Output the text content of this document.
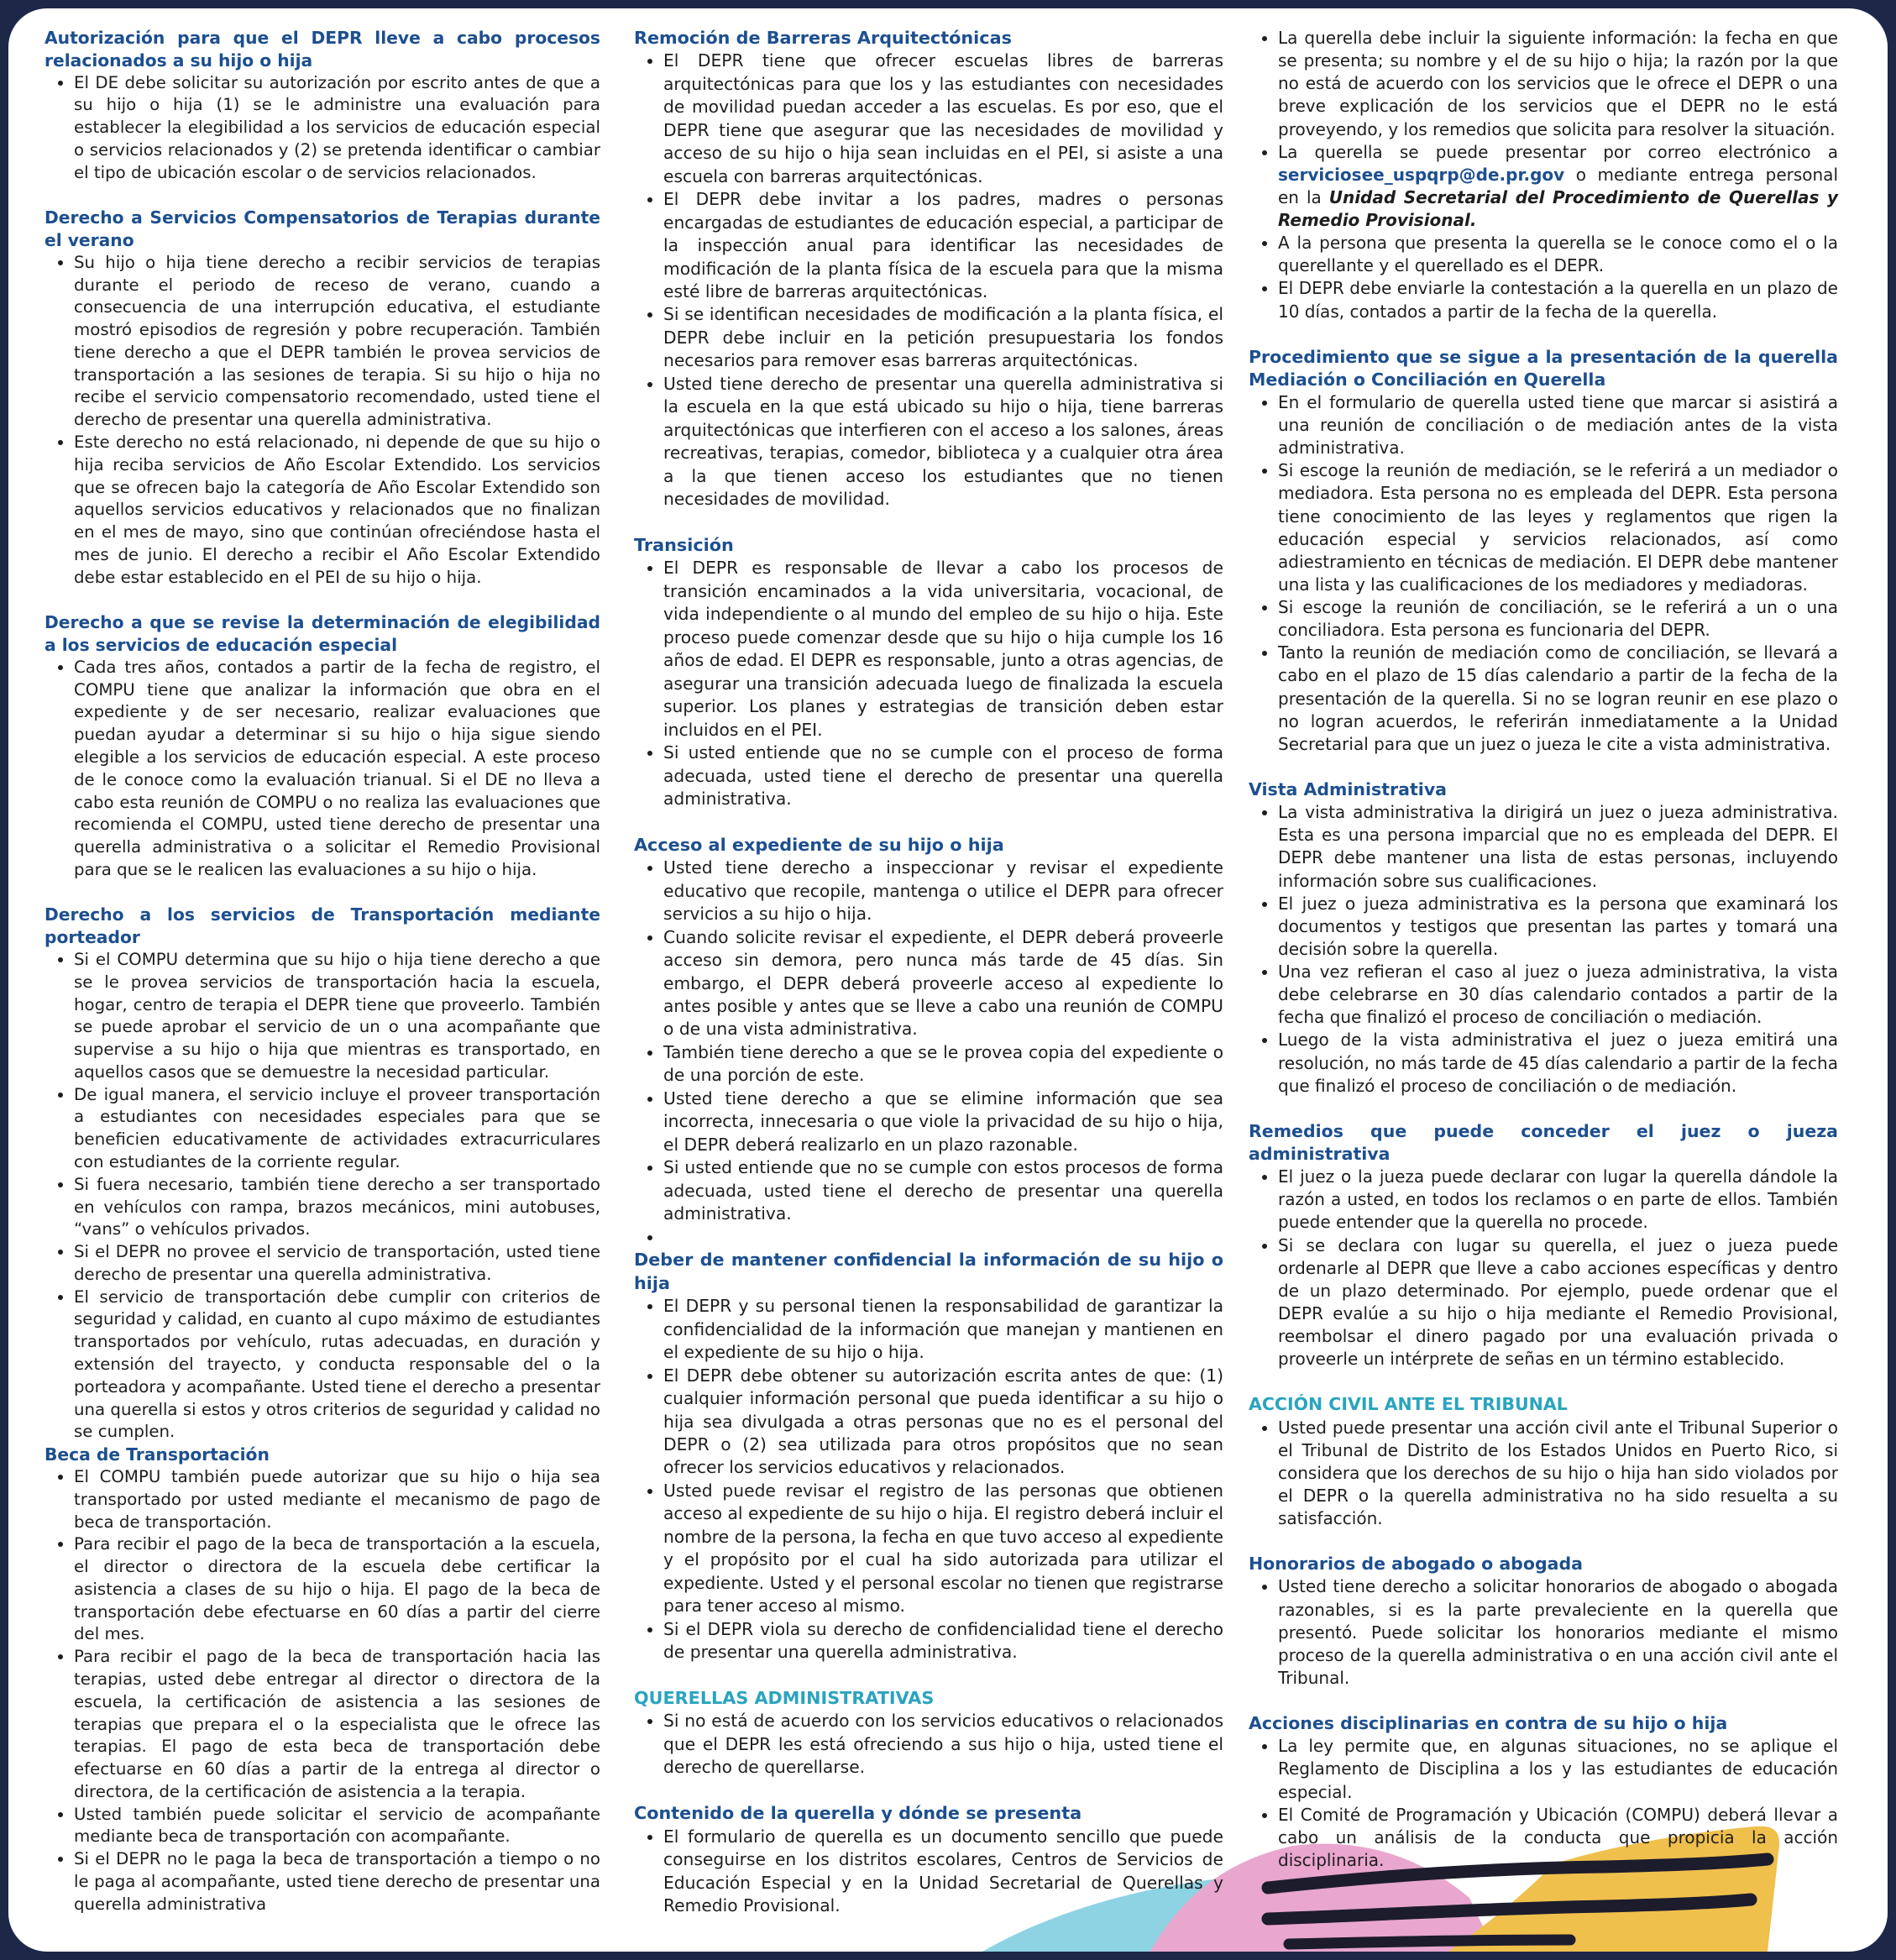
Autorización para que el DEPR lleve a cabo procesos relacionados a su hijo o hija
• El DE debe solicitar su autorización por escrito antes de que a su hijo o hija (1) se le administre una evaluación para establecer la elegibilidad a los servicios de educación especial o servicios relacionados y (2) se pretenda identificar o cambiar el tipo de ubicación escolar o de servicios relacionados.
Derecho a Servicios Compensatorios de Terapias durante el verano
• Su hijo o hija tiene derecho a recibir servicios de terapias durante el periodo de receso de verano, cuando a consecuencia de una interrupción educativa, el estudiante mostró episodios de regresión y pobre recuperación. También tiene derecho a que el DEPR también le provea servicios de transportación a las sesiones de terapia. Si su hijo o hija no recibe el servicio compensatorio recomendado, usted tiene el derecho de presentar una querella administrativa.
• Este derecho no está relacionado, ni depende de que su hijo o hija reciba servicios de Año Escolar Extendido. Los servicios que se ofrecen bajo la categoría de Año Escolar Extendido son aquellos servicios educativos y relacionados que no finalizan en el mes de mayo, sino que continúan ofreciéndose hasta el mes de junio. El derecho a recibir el Año Escolar Extendido debe estar establecido en el PEI de su hijo o hija.
Derecho a que se revise la determinación de elegibilidad a los servicios de educación especial
• Cada tres años, contados a partir de la fecha de registro, el COMPU tiene que analizar la información que obra en el expediente y de ser necesario, realizar evaluaciones que puedan ayudar a determinar si su hijo o hija sigue siendo elegible a los servicios de educación especial. A este proceso de le conoce como la evaluación trianual. Si el DE no lleva a cabo esta reunión de COMPU o no realiza las evaluaciones que recomienda el COMPU, usted tiene derecho de presentar una querella administrativa o a solicitar el Remedio Provisional para que se le realicen las evaluaciones a su hijo o hija.
Derecho a los servicios de Transportación mediante porteador
• Si el COMPU determina que su hijo o hija tiene derecho a que se le provea servicios de transportación hacia la escuela, hogar, centro de terapia el DEPR tiene que proveerlo. También se puede aprobar el servicio de un o una acompañante que supervise a su hijo o hija que mientras es transportado, en aquellos casos que se demuestre la necesidad particular.
• De igual manera, el servicio incluye el proveer transportación a estudiantes con necesidades especiales para que se beneficien educativamente de actividades extracurriculares con estudiantes de la corriente regular.
• Si fuera necesario, también tiene derecho a ser transportado en vehículos con rampa, brazos mecánicos, mini autobuses, “vans” o vehículos privados.
• Si el DEPR no provee el servicio de transportación, usted tiene derecho de presentar una querella administrativa.
• El servicio de transportación debe cumplir con criterios de seguridad y calidad, en cuanto al cupo máximo de estudiantes transportados por vehículo, rutas adecuadas, en duración y extensión del trayecto, y conducta responsable del o la porteadora y acompañante. Usted tiene el derecho a presentar una querella si estos y otros criterios de seguridad y calidad no se cumplen.
Beca de Transportación
• El COMPU también puede autorizar que su hijo o hija sea transportado por usted mediante el mecanismo de pago de beca de transportación.
• Para recibir el pago de la beca de transportación a la escuela, el director o directora de la escuela debe certificar la asistencia a clases de su hijo o hija. El pago de la beca de transportación debe efectuarse en 60 días a partir del cierre del mes.
• Para recibir el pago de la beca de transportación hacia las terapias, usted debe entregar al director o directora de la escuela, la certificación de asistencia a las sesiones de terapias que prepara el o la especialista que le ofrece las terapias. El pago de esta beca de transportación debe efectuarse en 60 días a partir de la entrega al director o directora, de la certificación de asistencia a la terapia.
• Usted también puede solicitar el servicio de acompañante mediante beca de transportación con acompañante.
• Si el DEPR no le paga la beca de transportación a tiempo o no le paga al acompañante, usted tiene derecho de presentar una querella administrativa
Remoción de Barreras Arquitectónicas
• El DEPR tiene que ofrecer escuelas libres de barreras arquitectónicas para que los y las estudiantes con necesidades de movilidad puedan acceder a las escuelas. Es por eso, que el DEPR tiene que asegurar que las necesidades de movilidad y acceso de su hijo o hija sean incluidas en el PEI, si asiste a una escuela con barreras arquitectónicas.
• El DEPR debe invitar a los padres, madres o personas encargadas de estudiantes de educación especial, a participar de la inspección anual para identificar las necesidades de modificación de la planta física de la escuela para que la misma esté libre de barreras arquitectónicas.
• Si se identifican necesidades de modificación a la planta física, el DEPR debe incluir en la petición presupuestaria los fondos necesarios para remover esas barreras arquitectónicas.
• Usted tiene derecho de presentar una querella administrativa si la escuela en la que está ubicado su hijo o hija, tiene barreras arquitectónicas que interfieren con el acceso a los salones, áreas recreativas, terapias, comedor, biblioteca y a cualquier otra área a la que tienen acceso los estudiantes que no tienen necesidades de movilidad.
Transición
• El DEPR es responsable de llevar a cabo los procesos de transición encaminados a la vida universitaria, vocacional, de vida independiente o al mundo del empleo de su hijo o hija. Este proceso puede comenzar desde que su hijo o hija cumple los 16 años de edad. El DEPR es responsable, junto a otras agencias, de asegurar una transición adecuada luego de finalizada la escuela superior. Los planes y estrategias de transición deben estar incluidos en el PEI.
• Si usted entiende que no se cumple con el proceso de forma adecuada, usted tiene el derecho de presentar una querella administrativa.
Acceso al expediente de su hijo o hija
• Usted tiene derecho a inspeccionar y revisar el expediente educativo que recopile, mantenga o utilice el DEPR para ofrecer servicios a su hijo o hija.
• Cuando solicite revisar el expediente, el DEPR deberá proveerle acceso sin demora, pero nunca más tarde de 45 días. Sin embargo, el DEPR deberá proveerle acceso al expediente lo antes posible y antes que se lleve a cabo una reunión de COMPU o de una vista administrativa.
• También tiene derecho a que se le provea copia del expediente o de una porción de este.
• Usted tiene derecho a que se elimine información que sea incorrecta, innecesaria o que viole la privacidad de su hijo o hija, el DEPR deberá realizarlo en un plazo razonable.
• Si usted entiende que no se cumple con estos procesos de forma adecuada, usted tiene el derecho de presentar una querella administrativa.
•
Deber de mantener confidencial la información de su hijo o hija
• El DEPR y su personal tienen la responsabilidad de garantizar la confidencialidad de la información que manejan y mantienen en el expediente de su hijo o hija.
• El DEPR debe obtener su autorización escrita antes de que: (1) cualquier información personal que pueda identificar a su hijo o hija sea divulgada a otras personas que no es el personal del DEPR o (2) sea utilizada para otros propósitos que no sean ofrecer los servicios educativos y relacionados.
• Usted puede revisar el registro de las personas que obtienen acceso al expediente de su hijo o hija. El registro deberá incluir el nombre de la persona, la fecha en que tuvo acceso al expediente y el propósito por el cual ha sido autorizada para utilizar el expediente. Usted y el personal escolar no tienen que registrarse para tener acceso al mismo.
• Si el DEPR viola su derecho de confidencialidad tiene el derecho de presentar una querella administrativa.
QUERELLAS ADMINISTRATIVAS
• Si no está de acuerdo con los servicios educativos o relacionados que el DEPR les está ofreciendo a sus hijo o hija, usted tiene el derecho de querellarse.
Contenido de la querella y dónde se presenta
• El formulario de querella es un documento sencillo que puede conseguirse en los distritos escolares, Centros de Servicios de Educación Especial y en la Unidad Secretarial de Querellas y Remedio Provisional.
• La querella debe incluir la siguiente información: la fecha en que se presenta; su nombre y el de su hijo o hija; la razón por la que no está de acuerdo con los servicios que le ofrece el DEPR o una breve explicación de los servicios que el DEPR no le está proveyendo, y los remedios que solicita para resolver la situación.
• La querella se puede presentar por correo electrónico a serviciosee_uspqrp@de.pr.gov o mediante entrega personal en la Unidad Secretarial del Procedimiento de Querellas y Remedio Provisional.
• A la persona que presenta la querella se le conoce como el o la querellante y el querellado es el DEPR.
• El DEPR debe enviarle la contestación a la querella en un plazo de 10 días, contados a partir de la fecha de la querella.
Procedimiento que se sigue a la presentación de la querella Mediación o Conciliación en Querella
• En el formulario de querella usted tiene que marcar si asistirá a una reunión de conciliación o de mediación antes de la vista administrativa.
• Si escoge la reunión de mediación, se le referirá a un mediador o mediadora. Esta persona no es empleada del DEPR. Esta persona tiene conocimiento de las leyes y reglamentos que rigen la educación especial y servicios relacionados, así como adiestramiento en técnicas de mediación. El DEPR debe mantener una lista y las cualificaciones de los mediadores y mediadoras.
• Si escoge la reunión de conciliación, se le referirá a un o una conciliadora. Esta persona es funcionaria del DEPR.
• Tanto la reunión de mediación como de conciliación, se llevará a cabo en el plazo de 15 días calendario a partir de la fecha de la presentación de la querella. Si no se logran reunir en ese plazo o no logran acuerdos, le referirán inmediatamente a la Unidad Secretarial para que un juez o jueza le cite a vista administrativa.
Vista Administrativa
• La vista administrativa la dirigirá un juez o jueza administrativa. Esta es una persona imparcial que no es empleada del DEPR. El DEPR debe mantener una lista de estas personas, incluyendo información sobre sus cualificaciones.
• El juez o jueza administrativa es la persona que examinará los documentos y testigos que presentan las partes y tomará una decisión sobre la querella.
• Una vez refieran el caso al juez o jueza administrativa, la vista debe celebrarse en 30 días calendario contados a partir de la fecha que finalizó el proceso de conciliación o mediación.
• Luego de la vista administrativa el juez o jueza emitirá una resolución, no más tarde de 45 días calendario a partir de la fecha que finalizó el proceso de conciliación o de mediación.
Remedios que puede conceder el juez o jueza administrativa
• El juez o la jueza puede declarar con lugar la querella dándole la razón a usted, en todos los reclamos o en parte de ellos. También puede entender que la querella no procede.
• Si se declara con lugar su querella, el juez o jueza puede ordenarle al DEPR que lleve a cabo acciones específicas y dentro de un plazo determinado. Por ejemplo, puede ordenar que el DEPR evalúe a su hijo o hija mediante el Remedio Provisional, reembolsar el dinero pagado por una evaluación privada o proveerle un intérprete de señas en un término establecido.
ACCIÓN CIVIL ANTE EL TRIBUNAL
• Usted puede presentar una acción civil ante el Tribunal Superior o el Tribunal de Distrito de los Estados Unidos en Puerto Rico, si considera que los derechos de su hijo o hija han sido violados por el DEPR o la querella administrativa no ha sido resuelta a su satisfacción.
Honorarios de abogado o abogada
• Usted tiene derecho a solicitar honorarios de abogado o abogada razonables, si es la parte prevaleciente en la querella que presentó. Puede solicitar los honorarios mediante el mismo proceso de la querella administrativa o en una acción civil ante el Tribunal.
Acciones disciplinarias en contra de su hijo o hija
• La ley permite que, en algunas situaciones, no se aplique el Reglamento de Disciplina a los y las estudiantes de educación especial.
• El Comité de Programación y Ubicación (COMPU) deberá llevar a cabo un análisis de la conducta que propicia la acción disciplinaria.
